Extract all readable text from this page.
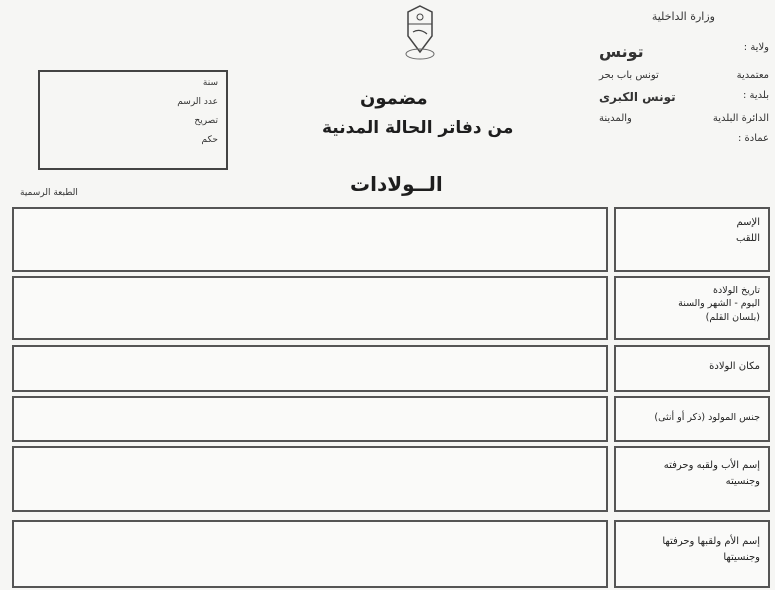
وزارة الداخلية
ولاية :
تونس
معتمدية
تونس باب بحر
بلدية :
تونس الكبرى
الدائرة البلدية
والمدينة
عمادة :
سنة
عدد الرسم
تصريح
حكم
مضمون
من دفاتر الحالة المدنية
الــولادات
الطبعة الرسمية
الإسم
اللقب
تاريخ الولادة
اليوم - الشهر والسنة
(بلسان القلم)
مكان الولادة
جنس المولود (ذكر أو أنثى)
إسم الأب ولقبه وحرفته
وجنسيته
إسم الأم ولقبها وحرفتها
وجنسيتها
